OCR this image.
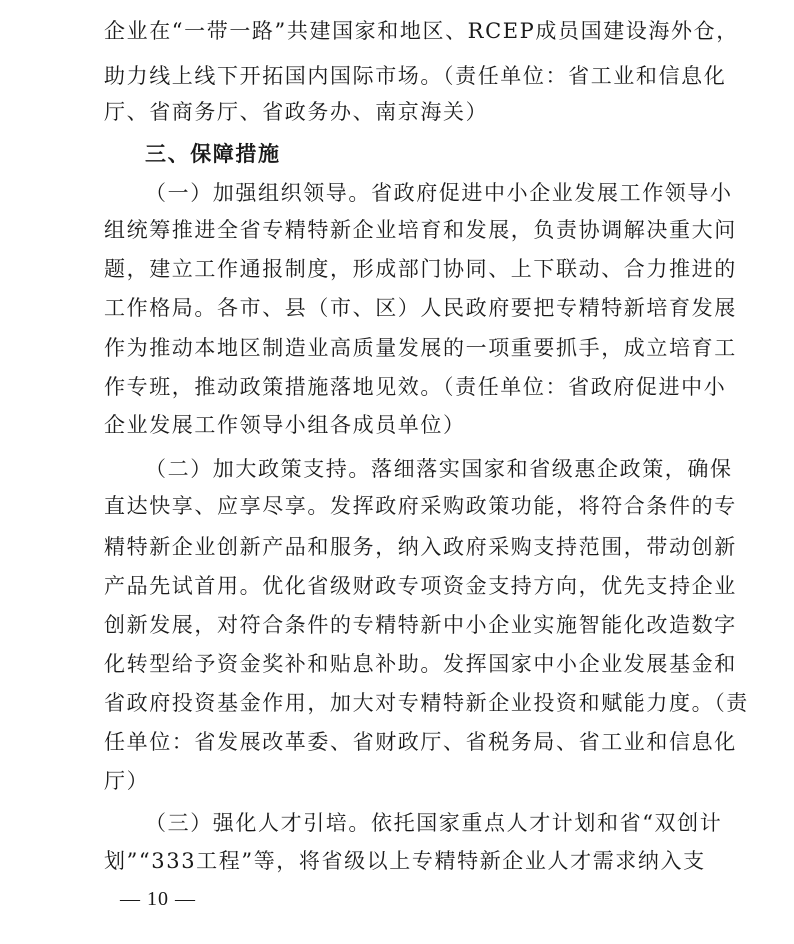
企业在“一带一路”共建国家和地区、RCEP成员国建设海外仓，
助力线上线下开拓国内国际市场。（责任单位：省工业和信息化
厅、省商务厅、省政务办、南京海关）
三、保障措施
（一）加强组织领导。省政府促进中小企业发展工作领导小
组统筹推进全省专精特新企业培育和发展，负责协调解决重大问
题，建立工作通报制度，形成部门协同、上下联动、合力推进的
工作格局。各市、县（市、区）人民政府要把专精特新培育发展
作为推动本地区制造业高质量发展的一项重要抓手，成立培育工
作专班，推动政策措施落地见效。（责任单位：省政府促进中小
企业发展工作领导小组各成员单位）
（二）加大政策支持。落细落实国家和省级惠企政策，确保
直达快享、应享尽享。发挥政府采购政策功能，将符合条件的专
精特新企业创新产品和服务，纳入政府采购支持范围，带动创新
产品先试首用。优化省级财政专项资金支持方向，优先支持企业
创新发展，对符合条件的专精特新中小企业实施智能化改造数字
化转型给予资金奖补和贴息补助。发挥国家中小企业发展基金和
省政府投资基金作用，加大对专精特新企业投资和赋能力度。（责
任单位：省发展改革委、省财政厅、省税务局、省工业和信息化
厅）
（三）强化人才引培。依托国家重点人才计划和省“双创计
划”“333工程”等，将省级以上专精特新企业人才需求纳入支
— 10 —
